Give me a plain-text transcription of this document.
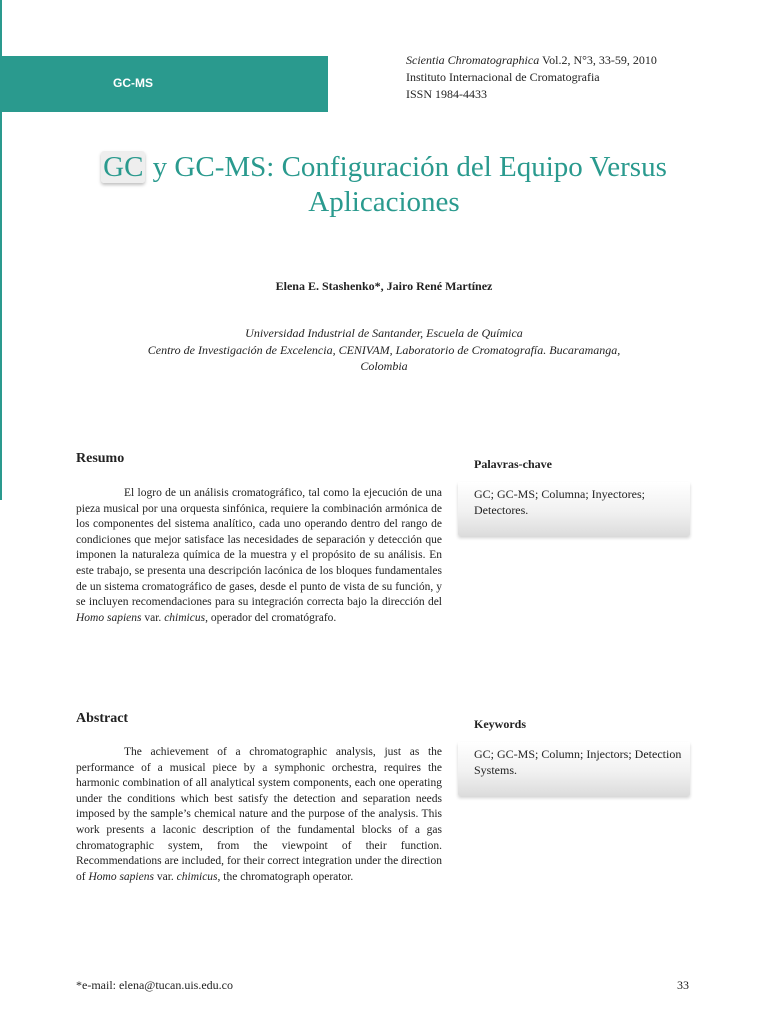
GC-MS
Scientia Chromatographica Vol.2, N°3, 33-59, 2010
Instituto Internacional de Cromatografia
ISSN 1984-4433
GC y GC-MS: Configuración del Equipo Versus
Aplicaciones
Elena E. Stashenko*, Jairo René Martínez
Universidad Industrial de Santander, Escuela de Química
Centro de Investigación de Excelencia, CENIVAM, Laboratorio de Cromatografía. Bucaramanga,
Colombia
Resumo
El logro de un análisis cromatográfico, tal como la ejecución de una pieza musical por una orquesta sinfónica, requiere la combinación armónica de los componentes del sistema analítico, cada uno operando dentro del rango de condiciones que mejor satisface las necesidades de separación y detección que imponen la naturaleza química de la muestra y el propósito de su análisis. En este trabajo, se presenta una descripción lacónica de los bloques fundamentales de un sistema cromatográfico de gases, desde el punto de vista de su función, y se incluyen recomendaciones para su integración correcta bajo la dirección del Homo sapiens var. chimicus, operador del cromatógrafo.
Palavras-chave
GC; GC-MS; Columna; Inyectores; Detectores.
Abstract
The achievement of a chromatographic analysis, just as the performance of a musical piece by a symphonic orchestra, requires the harmonic combination of all analytical system components, each one operating under the conditions which best satisfy the detection and separation needs imposed by the sample’s chemical nature and the purpose of the analysis. This work presents a laconic description of the fundamental blocks of a gas chromatographic system, from the viewpoint of their function. Recommendations are included, for their correct integration under the direction of Homo sapiens var. chimicus, the chromatograph operator.
Keywords
GC; GC-MS; Column; Injectors; Detection Systems.
*e-mail: elena@tucan.uis.edu.co	33
